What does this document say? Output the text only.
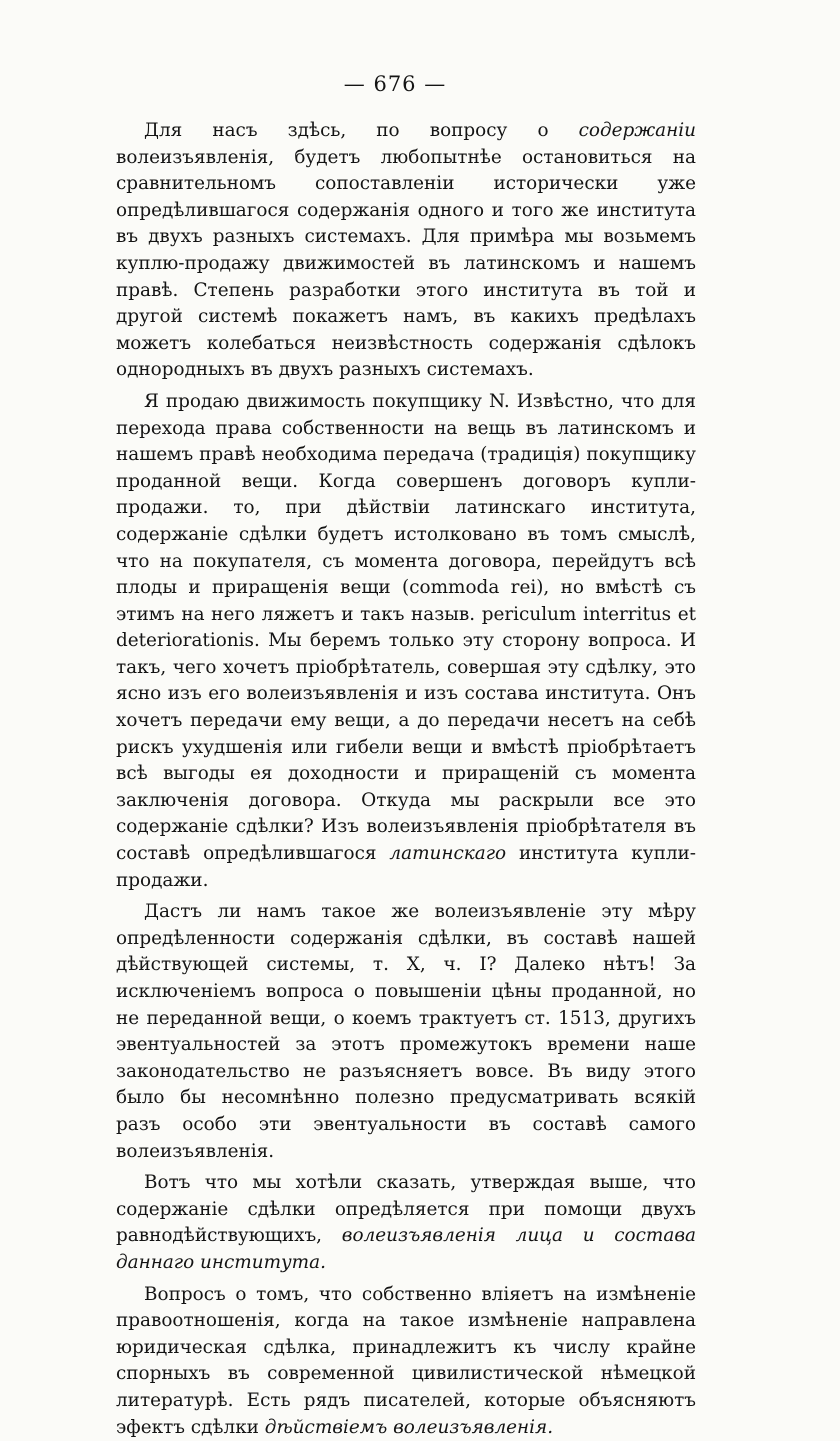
— 676 —

Для насъ здѣсь, по вопросу о содержаніи волеизъявленія, будетъ любопытнѣе остановиться на сравнительномъ сопоставленіи исторически уже опредѣлившагося содержанія одного и того же института въ двухъ разныхъ системахъ. Для примѣра мы возьмемъ куплю-продажу движимостей въ латинскомъ и нашемъ правѣ. Степень разработки этого института въ той и другой системѣ покажетъ намъ, въ какихъ предѣлахъ можетъ колебаться неизвѣстность содержанія сдѣлокъ однородныхъ въ двухъ разныхъ системахъ.

Я продаю движимость покупщику N. Извѣстно, что для перехода права собственности на вещь въ латинскомъ и нашемъ правѣ необходима передача (традиція) покупщику проданной вещи. Когда совершенъ договоръ купли-продажи. то, при дѣйствіи латинскаго института, содержаніе сдѣлки будетъ истолковано въ томъ смыслѣ, что на покупателя, съ момента договора, перейдутъ всѣ плоды и приращенія вещи (commoda rei), но вмѣстѣ съ этимъ на него ляжетъ и такъ назыв. periculum interritus et deteriorationis. Мы беремъ только эту сторону вопроса. И такъ, чего хочетъ пріобрѣтатель, совершая эту сдѣлку, это ясно изъ его волеизъявленія и изъ состава института. Онъ хочетъ передачи ему вещи, а до передачи несетъ на себѣ рискъ ухудшенія или гибели вещи и вмѣстѣ пріобрѣтаетъ всѣ выгоды ея доходности и приращеній съ момента заключенія договора. Откуда мы раскрыли все это содержаніе сдѣлки? Изъ волеизъявленія пріобрѣтателя въ составѣ опредѣлившагося латинскаго института купли-продажи.

Дастъ ли намъ такое же волеизъявленіе эту мѣру опредѣленности содержанія сдѣлки, въ составѣ нашей дѣйствующей системы, т. X, ч. I? Далеко нѣтъ! За исключеніемъ вопроса о повышеніи цѣны проданной, но не переданной вещи, о коемъ трактуетъ ст. 1513, другихъ эвентуальностей за этотъ промежутокъ времени наше законодательство не разъясняетъ вовсе. Въ виду этого было бы несомнѣнно полезно предусматривать всякій разъ особо эти эвентуальности въ составѣ самого волеизъявленія.

Вотъ что мы хотѣли сказать, утверждая выше, что содержаніе сдѣлки опредѣляется при помощи двухъ равнодѣйствующихъ, волеизъявленія лица и состава даннаго института.

Вопросъ о томъ, что собственно вліяетъ на измѣненіе правоотношенія, когда на такое измѣненіе направлена юридическая сдѣлка, принадлежитъ къ числу крайне спорныхъ въ современной цивилистической нѣмецкой литературѣ. Есть рядъ писателей, которые объясняютъ эфектъ сдѣлки дѣйствіемъ волеизъявленія.
